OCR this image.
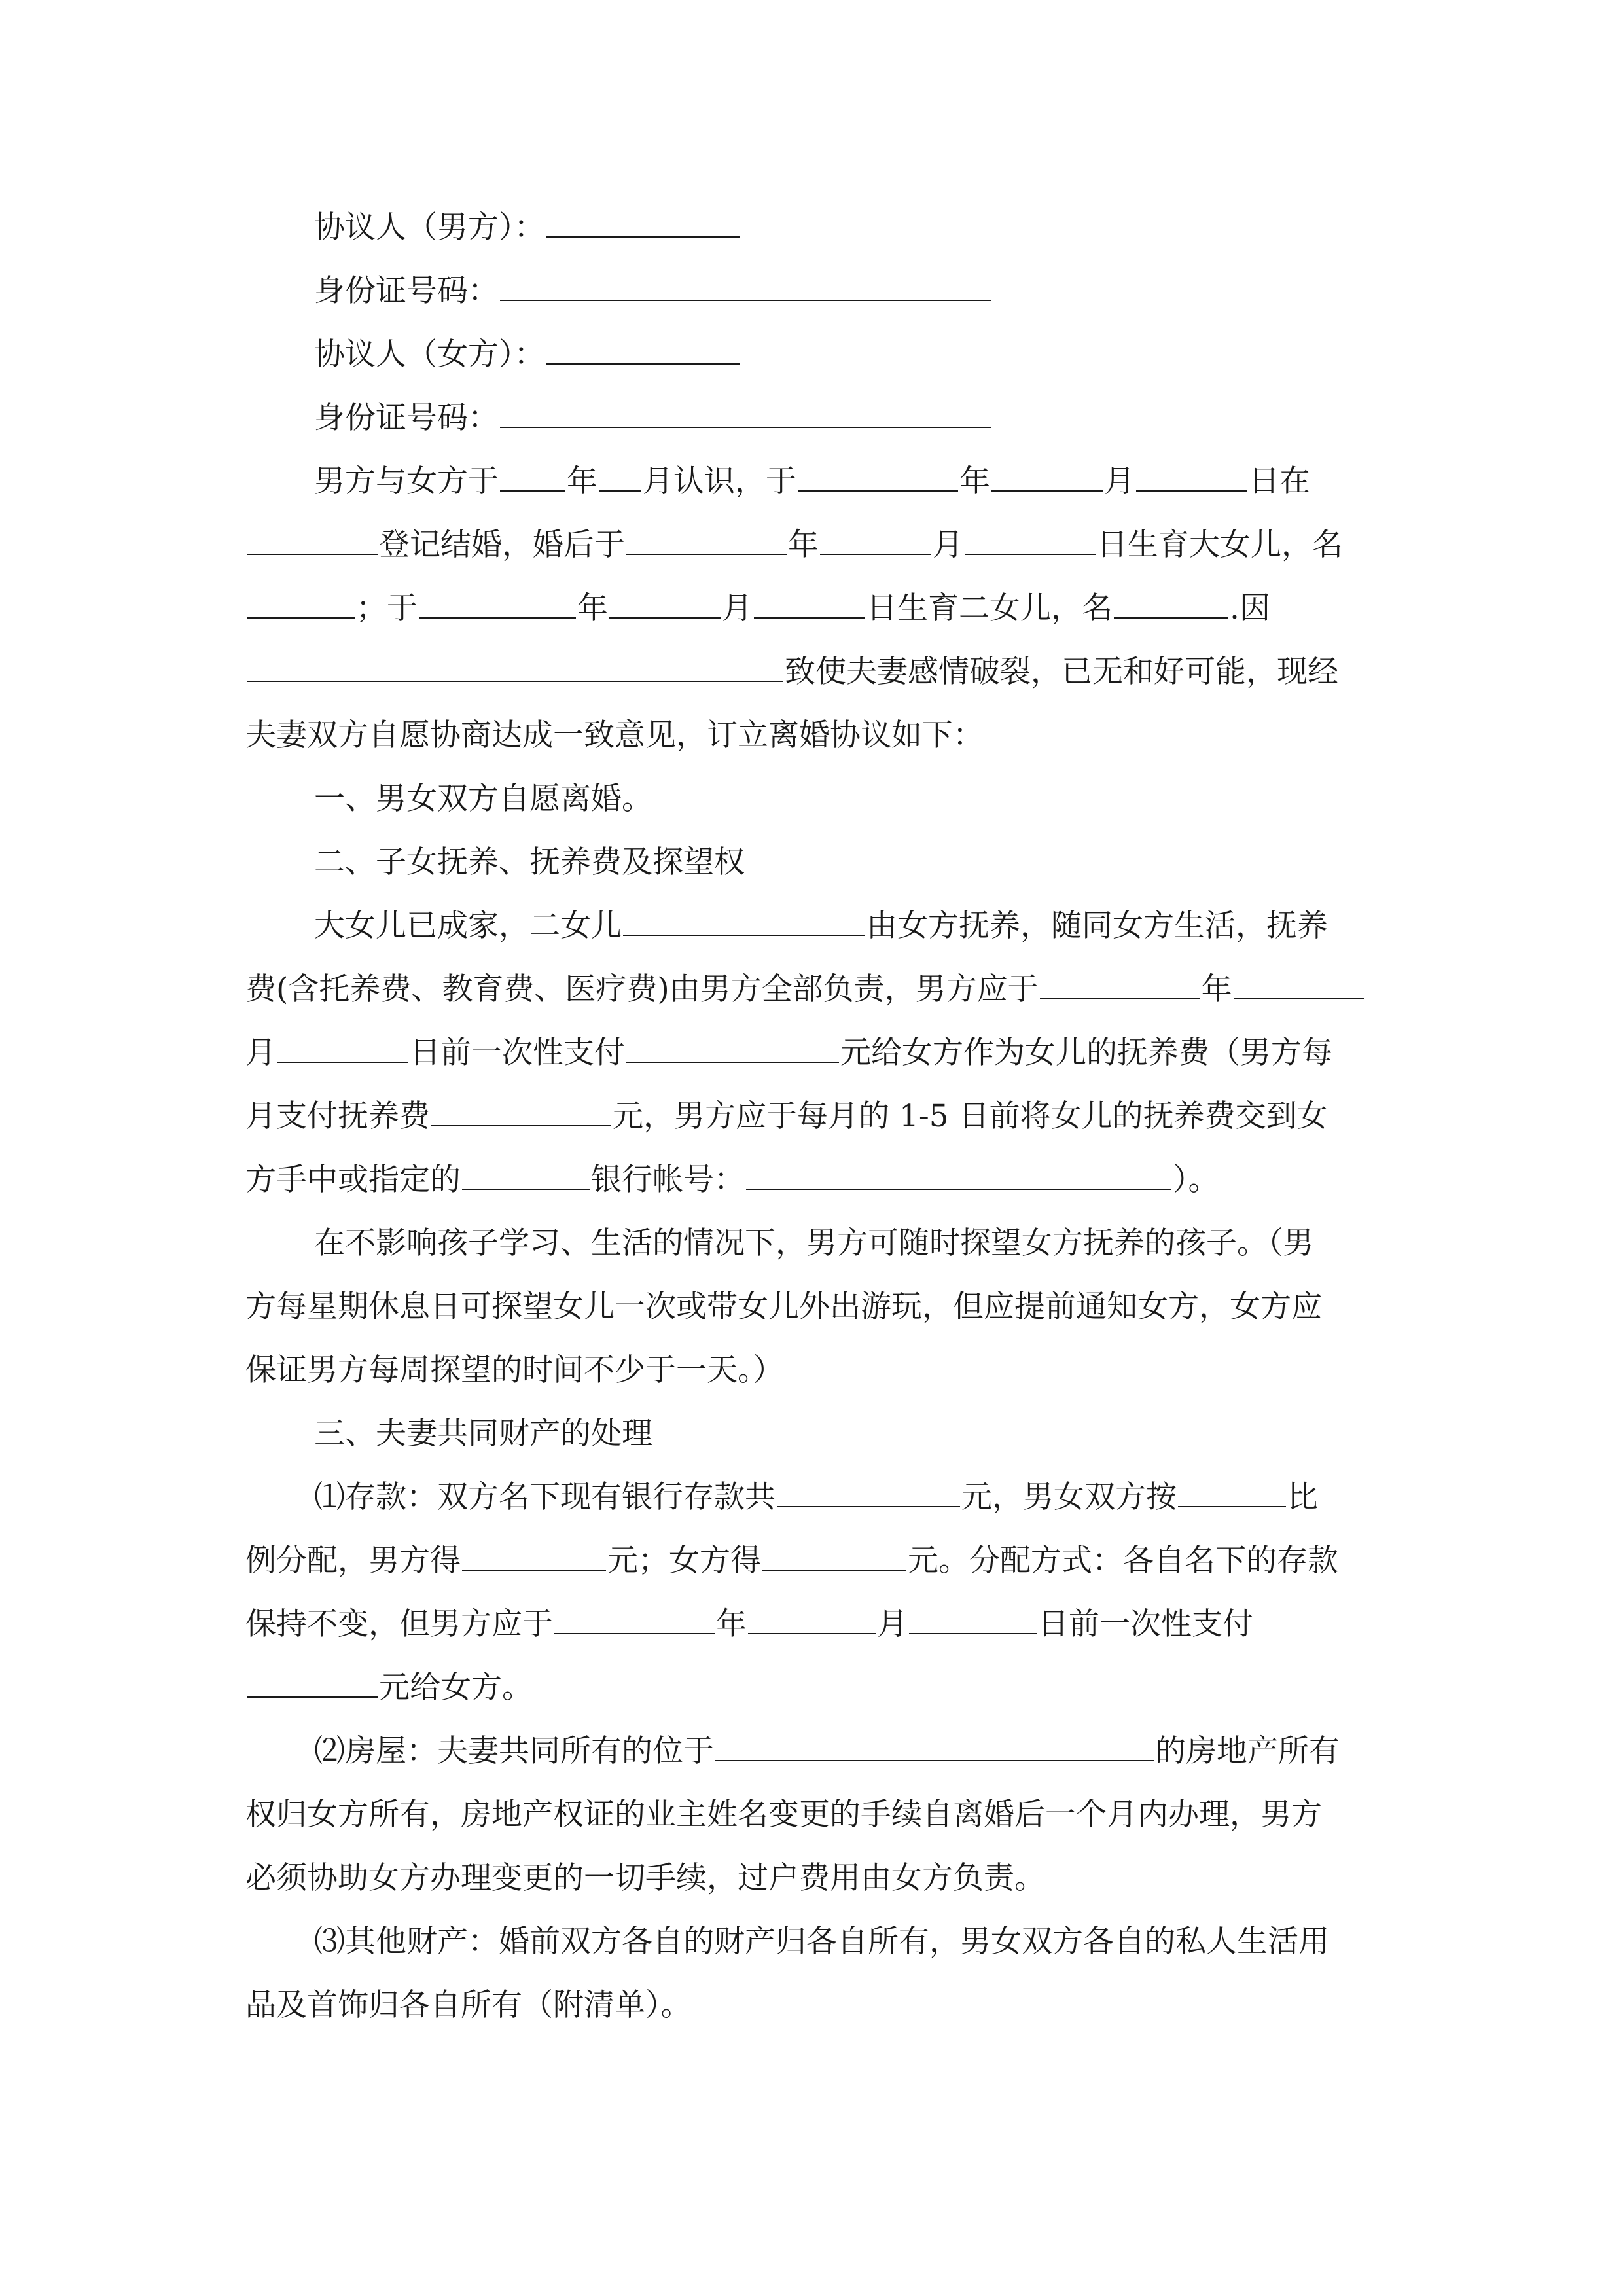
协议人（男方）：
身份证号码：
协议人（女方）：
身份证号码：
男方与女方于 年 月认识，于	年	月	日在
登记结婚，婚后于	年	月	日生育大女儿，名
；于	年	月	日生育二女儿，名	.因
致使夫妻感情破裂，已无和好可能，现经
夫妻双方自愿协商达成一致意见，订立离婚协议如下：
一、男女双方自愿离婚。
二、子女抚养、抚养费及探望权
大女儿已成家，二女儿	由女方抚养，随同女方生活，抚养
费(含托养费、教育费、医疗费)由男方全部负责，男方应于	年
月	日前一次性支付	元给女方作为女儿的抚养费（男方每
月支付抚养费	元，男方应于每月的 1-5 日前将女儿的抚养费交到女
方手中或指定的	银行帐号：	）。
在不影响孩子学习、生活的情况下，男方可随时探望女方抚养的孩子。（男
方每星期休息日可探望女儿一次或带女儿外出游玩，但应提前通知女方，女方应
保证男方每周探望的时间不少于一天。）
三、夫妻共同财产的处理
⑴存款：双方名下现有银行存款共	元，男女双方按	比
例分配，男方得	元；女方得	元。分配方式：各自名下的存款
保持不变，但男方应于	年	月	日前一次性支付
元给女方。
⑵房屋：夫妻共同所有的位于	的房地产所有
权归女方所有，房地产权证的业主姓名变更的手续自离婚后一个月内办理，男方
必须协助女方办理变更的一切手续，过户费用由女方负责。
⑶其他财产：婚前双方各自的财产归各自所有，男女双方各自的私人生活用
品及首饰归各自所有（附清单）。
